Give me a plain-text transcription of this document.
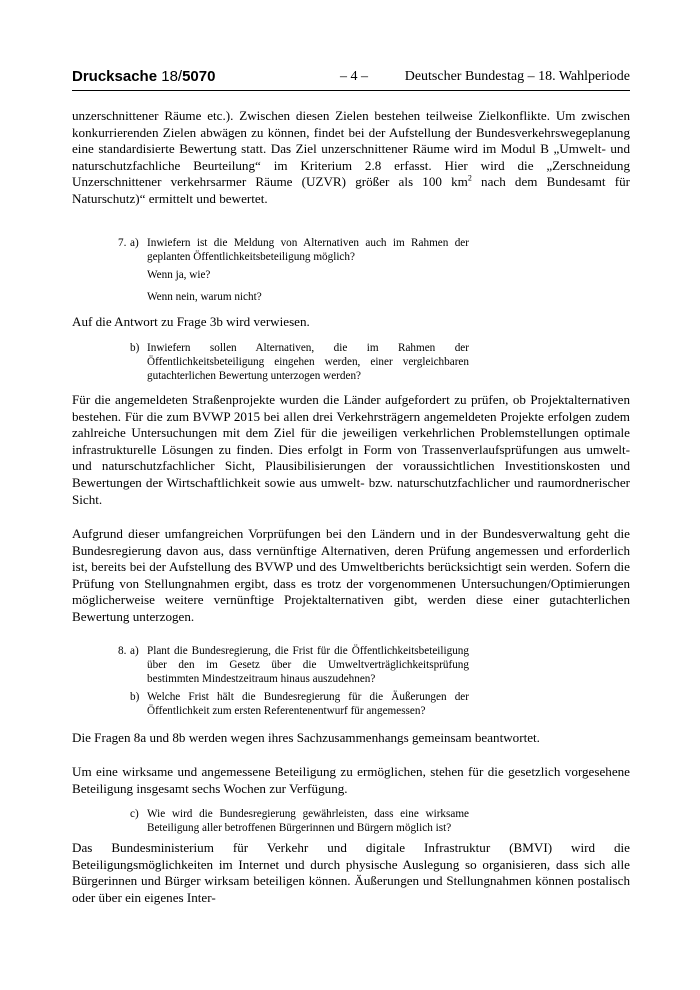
Drucksache 18/5070	– 4 –	Deutscher Bundestag – 18. Wahlperiode

unzerschnittener Räume etc.). Zwischen diesen Zielen bestehen teilweise Zielkonflikte. Um zwischen konkurrierenden Zielen abwägen zu können, findet bei der Aufstellung der Bundesverkehrswegeplanung eine standardisierte Bewertung statt. Das Ziel unzerschnittener Räume wird im Modul B „Umwelt- und naturschutzfachliche Beurteilung“ im Kriterium 2.8 erfasst. Hier wird die „Zerschneidung Unzerschnittener verkehrsarmer Räume (UZVR) größer als 100 $km^2$ nach dem Bundesamt für Naturschutz)“ ermittelt und bewertet.

7. a) Inwiefern ist die Meldung von Alternativen auch im Rahmen der geplanten Öffentlichkeitsbeteiligung möglich?

Wenn ja, wie?

Wenn nein, warum nicht?

Auf die Antwort zu Frage 3b wird verwiesen.

b) Inwiefern sollen Alternativen, die im Rahmen der Öffentlichkeitsbeteiligung eingehen werden, einer vergleichbaren gutachterlichen Bewertung unterzogen werden?

Für die angemeldeten Straßenprojekte wurden die Länder aufgefordert zu prüfen, ob Projektalternativen bestehen. Für die zum BVWP 2015 bei allen drei Verkehrsträgern angemeldeten Projekte erfolgen zudem zahlreiche Untersuchungen mit dem Ziel für die jeweiligen verkehrlichen Problemstellungen optimale infrastrukturelle Lösungen zu finden. Dies erfolgt in Form von Trassenverlaufsprüfungen aus umwelt- und naturschutzfachlicher Sicht, Plausibilisierungen der voraussichtlichen Investitionskosten und Bewertungen der Wirtschaftlichkeit sowie aus umwelt- bzw. naturschutzfachlicher und raumordnerischer Sicht.

Aufgrund dieser umfangreichen Vorprüfungen bei den Ländern und in der Bundesverwaltung geht die Bundesregierung davon aus, dass vernünftige Alternativen, deren Prüfung angemessen und erforderlich ist, bereits bei der Aufstellung des BVWP und des Umweltberichts berücksichtigt sein werden. Sofern die Prüfung von Stellungnahmen ergibt, dass es trotz der vorgenommenen Untersuchungen/Optimierungen möglicherweise weitere vernünftige Projektalternativen gibt, werden diese einer gutachterlichen Bewertung unterzogen.

8. a) Plant die Bundesregierung, die Frist für die Öffentlichkeitsbeteiligung über den im Gesetz über die Umweltverträglichkeitsprüfung bestimmten Mindestzeitraum hinaus auszudehnen?

b) Welche Frist hält die Bundesregierung für die Äußerungen der Öffentlichkeit zum ersten Referentenentwurf für angemessen?

Die Fragen 8a und 8b werden wegen ihres Sachzusammenhangs gemeinsam beantwortet.

Um eine wirksame und angemessene Beteiligung zu ermöglichen, stehen für die gesetzlich vorgesehene Beteiligung insgesamt sechs Wochen zur Verfügung.

c) Wie wird die Bundesregierung gewährleisten, dass eine wirksame Beteiligung aller betroffenen Bürgerinnen und Bürgern möglich ist?

Das Bundesministerium für Verkehr und digitale Infrastruktur (BMVI) wird die Beteiligungsmöglichkeiten im Internet und durch physische Auslegung so organisieren, dass sich alle Bürgerinnen und Bürger wirksam beteiligen können. Äußerungen und Stellungnahmen können postalisch oder über ein eigenes Inter-
